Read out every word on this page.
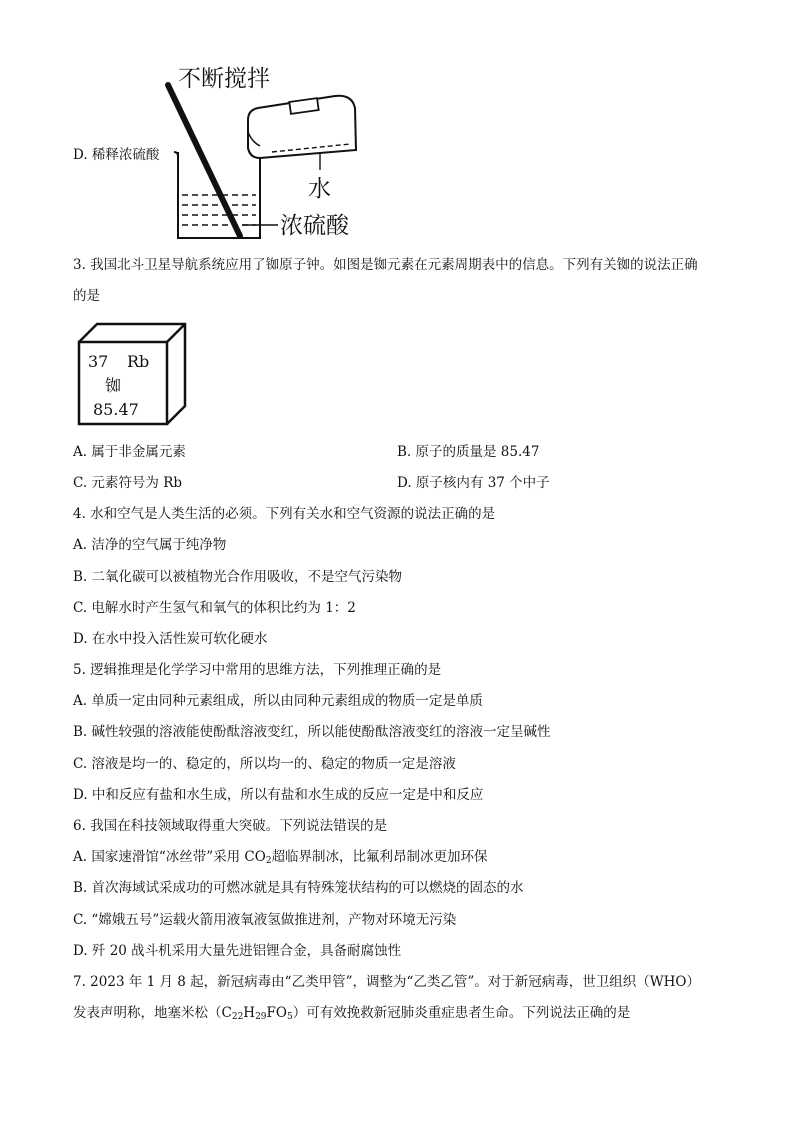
D. 稀释浓硫酸
不断搅拌
水
浓硫酸
3. 我国北斗卫星导航系统应用了铷原子钟。如图是铷元素在元素周期表中的信息。下列有关铷的说法正确
的是
37 Rb
铷
85.47
A. 属于非金属元素	B. 原子的质量是 85.47
C. 元素符号为 Rb	D. 原子核内有 37 个中子
4. 水和空气是人类生活的必须。下列有关水和空气资源的说法正确的是
A. 洁净的空气属于纯净物
B. 二氧化碳可以被植物光合作用吸收，不是空气污染物
C. 电解水时产生氢气和氧气的体积比约为 1：2
D. 在水中投入活性炭可软化硬水
5. 逻辑推理是化学学习中常用的思维方法，下列推理正确的是
A. 单质一定由同种元素组成，所以由同种元素组成的物质一定是单质
B. 碱性较强的溶液能使酚酞溶液变红，所以能使酚酞溶液变红的溶液一定呈碱性
C. 溶液是均一的、稳定的，所以均一的、稳定的物质一定是溶液
D. 中和反应有盐和水生成，所以有盐和水生成的反应一定是中和反应
6. 我国在科技领域取得重大突破。下列说法错误的是
A. 国家速滑馆“冰丝带”采用 $CO_2$超临界制冰，比氟利昂制冰更加环保
B. 首次海域试采成功的可燃冰就是具有特殊笼状结构的可以燃烧的固态的水
C. “嫦娥五号”运载火箭用液氧液氢做推进剂，产物对环境无污染
D. 歼 20 战斗机采用大量先进铝锂合金，具备耐腐蚀性
7. 2023 年 1 月 8 起，新冠病毒由“乙类甲管”，调整为“乙类乙管”。对于新冠病毒，世卫组织（WHO）
发表声明称，地塞米松$(C_{22}H_{29}FO_5)$可有效挽救新冠肺炎重症患者生命。下列说法正确的是
